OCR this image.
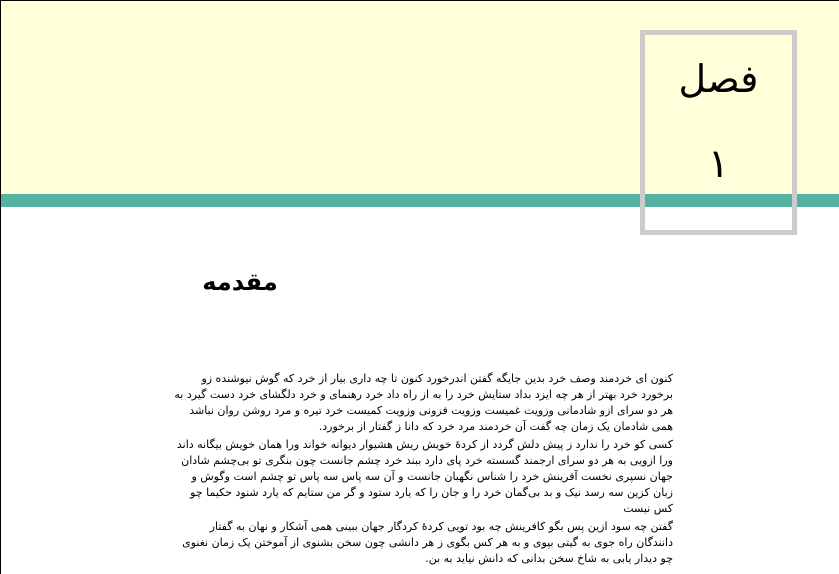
فصل
۱
مقدمه

کنون ای خردمند وصف خرد بدین جایگه گفتن اندرخورد کنون تا چه داری بیار از خرد که گوش نیوشنده زو برخورد خرد بهتر از هر چه ایزد بداد ستایش خرد را به از راه داد خرد رهنمای و خرد دلگشای خرد دست گیرد به هر دو سرای ازو شادمانی وزویت غمیست وزویت فزونی وزویت کمیست خرد تیره و مرد روشن روان نباشد همی شادمان یک زمان چه گفت آن خردمند مرد خرد که دانا ز گفتار از برخورد.

کسی کو خرد را ندارد ز پیش دلش گردد از کردهٔ خویش ریش هشیوار دیوانه خواند ورا همان خویش بیگانه داند ورا ازویی به هر دو سرای ارجمند گسسته خرد پای دارد ببند خرد چشم جانست چون بنگری تو بی‌چشم شادان جهان نسپری نخست آفرینش خرد را شناس نگهبان جانست و آن سه پاس سه پاس تو چشم است وگوش و زبان کزین سه رسد نیک و بد بی‌گمان خرد را و جان را که یارد ستود و گر من ستایم که یارد شنود حکیما چو کس نیست

گفتن چه سود ازین پس بگو کافرینش چه بود تویی کردهٔ کردگار جهان ببینی همی آشکار و نهان به گفتار دانندگان راه جوی به گیتی بپوی و به هر کس بگوی ز هر دانشی چون سخن بشنوی از آموختن یک زمان نغنوی چو دیدار یابی به شاخ سخن بدانی که دانش نیاید به بن.
